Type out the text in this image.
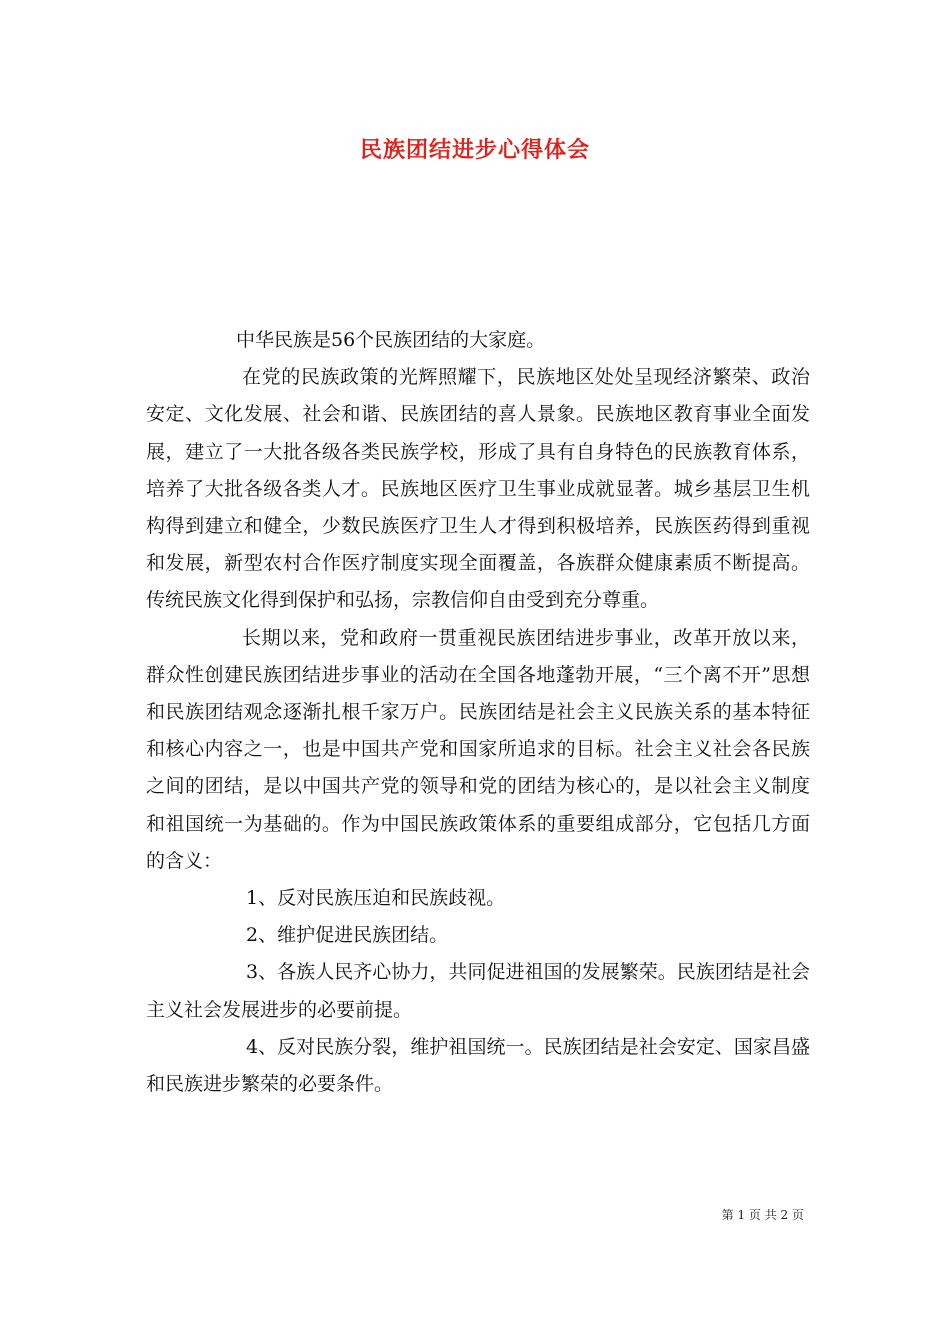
民族团结进步心得体会

中华民族是56个民族团结的大家庭。

在党的民族政策的光辉照耀下，民族地区处处呈现经济繁荣、政治安定、文化发展、社会和谐、民族团结的喜人景象。民族地区教育事业全面发展，建立了一大批各级各类民族学校，形成了具有自身特色的民族教育体系，培养了大批各级各类人才。民族地区医疗卫生事业成就显著。城乡基层卫生机构得到建立和健全，少数民族医疗卫生人才得到积极培养，民族医药得到重视和发展，新型农村合作医疗制度实现全面覆盖，各族群众健康素质不断提高。传统民族文化得到保护和弘扬，宗教信仰自由受到充分尊重。

长期以来，党和政府一贯重视民族团结进步事业，改革开放以来，群众性创建民族团结进步事业的活动在全国各地蓬勃开展，“三个离不开”思想和民族团结观念逐渐扎根千家万户。民族团结是社会主义民族关系的基本特征和核心内容之一，也是中国共产党和国家所追求的目标。社会主义社会各民族之间的团结，是以中国共产党的领导和党的团结为核心的，是以社会主义制度和祖国统一为基础的。作为中国民族政策体系的重要组成部分，它包括几方面的含义：

1、反对民族压迫和民族歧视。

2、维护促进民族团结。

3、各族人民齐心协力，共同促进祖国的发展繁荣。民族团结是社会主义社会发展进步的必要前提。

4、反对民族分裂，维护祖国统一。民族团结是社会安定、国家昌盛和民族进步繁荣的必要条件。

第 1 页 共 2 页
